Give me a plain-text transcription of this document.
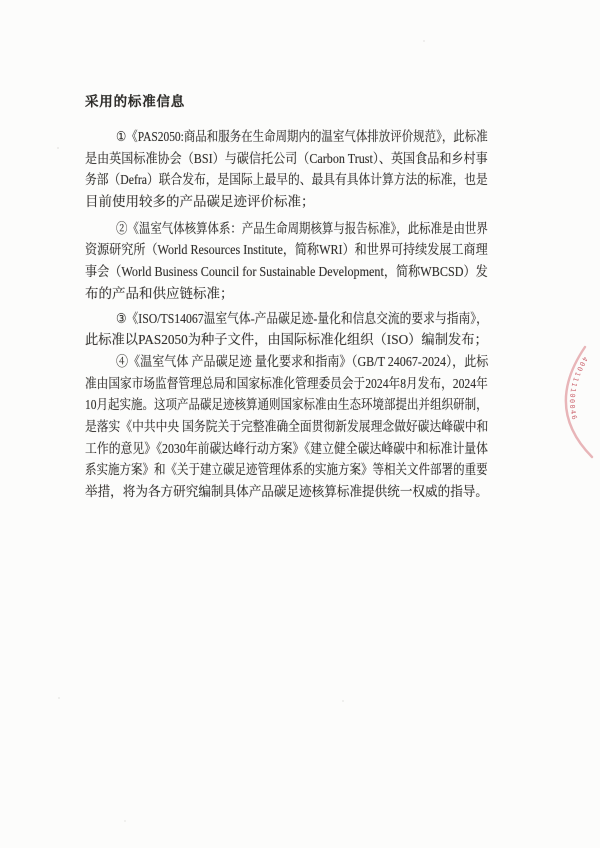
采用的标准信息
①《PAS2050:商品和服务在生命周期内的温室气体排放评价规范》，此标准
是由英国标准协会（BSI）与碳信托公司（Carbon Trust）、英国食品和乡村事
务部（Defra）联合发布，是国际上最早的、最具有具体计算方法的标准，也是
目前使用较多的产品碳足迹评价标准；
②《温室气体核算体系：产品生命周期核算与报告标准》，此标准是由世界
资源研究所（World Resources Institute，简称WRI）和世界可持续发展工商理
事会（World Business Council for Sustainable Development，简称WBCSD）发
布的产品和供应链标准；
③《ISO/TS14067温室气体-产品碳足迹-量化和信息交流的要求与指南》，
此标准以PAS2050为种子文件，由国际标准化组织（ISO）编制发布；
④《温室气体 产品碳足迹 量化要求和指南》（GB/T 24067-2024），此标
准由国家市场监督管理总局和国家标准化管理委员会于2024年8月发布，2024年
10月起实施。这项产品碳足迹核算通则国家标准由生态环境部提出并组织研制，
是落实《中共中央 国务院关于完整准确全面贯彻新发展理念做好碳达峰碳中和
工作的意见》《2030年前碳达峰行动方案》《建立健全碳达峰碳中和标准计量体
系实施方案》和《关于建立碳足迹管理体系的实施方案》等相关文件部署的重要
举措，将为各方研究编制具体产品碳足迹核算标准提供统一权威的指导。
400111100046
